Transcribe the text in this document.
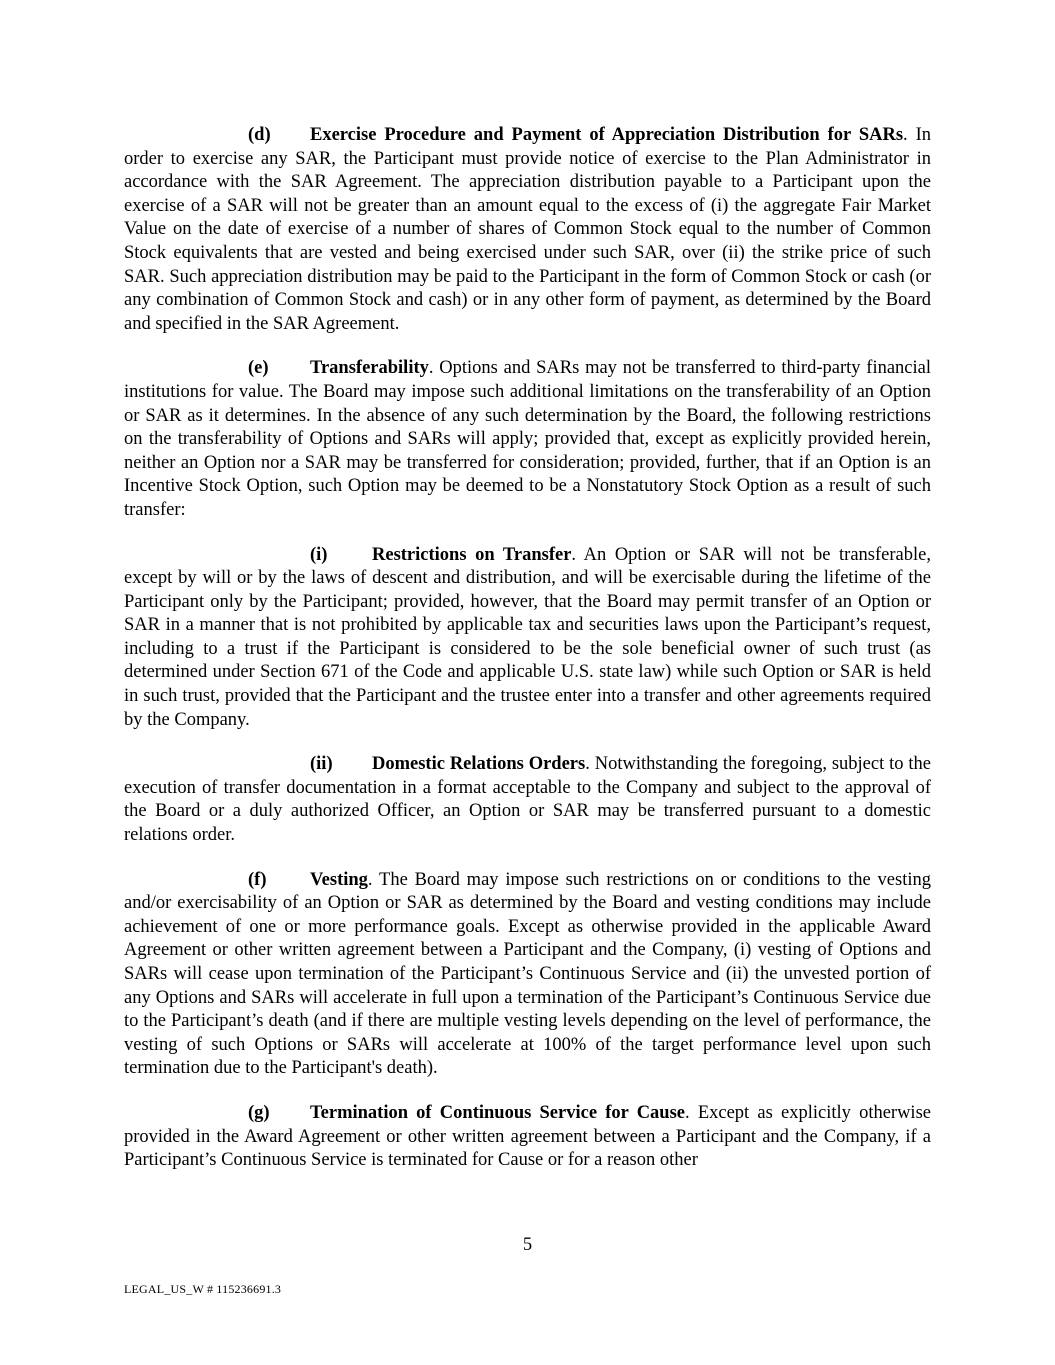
(d) Exercise Procedure and Payment of Appreciation Distribution for SARs. In order to exercise any SAR, the Participant must provide notice of exercise to the Plan Administrator in accordance with the SAR Agreement. The appreciation distribution payable to a Participant upon the exercise of a SAR will not be greater than an amount equal to the excess of (i) the aggregate Fair Market Value on the date of exercise of a number of shares of Common Stock equal to the number of Common Stock equivalents that are vested and being exercised under such SAR, over (ii) the strike price of such SAR. Such appreciation distribution may be paid to the Participant in the form of Common Stock or cash (or any combination of Common Stock and cash) or in any other form of payment, as determined by the Board and specified in the SAR Agreement.

(e) Transferability. Options and SARs may not be transferred to third-party financial institutions for value. The Board may impose such additional limitations on the transferability of an Option or SAR as it determines. In the absence of any such determination by the Board, the following restrictions on the transferability of Options and SARs will apply; provided that, except as explicitly provided herein, neither an Option nor a SAR may be transferred for consideration; provided, further, that if an Option is an Incentive Stock Option, such Option may be deemed to be a Nonstatutory Stock Option as a result of such transfer:

(i) Restrictions on Transfer. An Option or SAR will not be transferable, except by will or by the laws of descent and distribution, and will be exercisable during the lifetime of the Participant only by the Participant; provided, however, that the Board may permit transfer of an Option or SAR in a manner that is not prohibited by applicable tax and securities laws upon the Participant’s request, including to a trust if the Participant is considered to be the sole beneficial owner of such trust (as determined under Section 671 of the Code and applicable U.S. state law) while such Option or SAR is held in such trust, provided that the Participant and the trustee enter into a transfer and other agreements required by the Company.

(ii) Domestic Relations Orders. Notwithstanding the foregoing, subject to the execution of transfer documentation in a format acceptable to the Company and subject to the approval of the Board or a duly authorized Officer, an Option or SAR may be transferred pursuant to a domestic relations order.

(f) Vesting. The Board may impose such restrictions on or conditions to the vesting and/or exercisability of an Option or SAR as determined by the Board and vesting conditions may include achievement of one or more performance goals. Except as otherwise provided in the applicable Award Agreement or other written agreement between a Participant and the Company, (i) vesting of Options and SARs will cease upon termination of the Participant’s Continuous Service and (ii) the unvested portion of any Options and SARs will accelerate in full upon a termination of the Participant’s Continuous Service due to the Participant’s death (and if there are multiple vesting levels depending on the level of performance, the vesting of such Options or SARs will accelerate at 100% of the target performance level upon such termination due to the Participant's death).

(g) Termination of Continuous Service for Cause. Except as explicitly otherwise provided in the Award Agreement or other written agreement between a Participant and the Company, if a Participant’s Continuous Service is terminated for Cause or for a reason other

5
LEGAL_US_W # 115236691.3
